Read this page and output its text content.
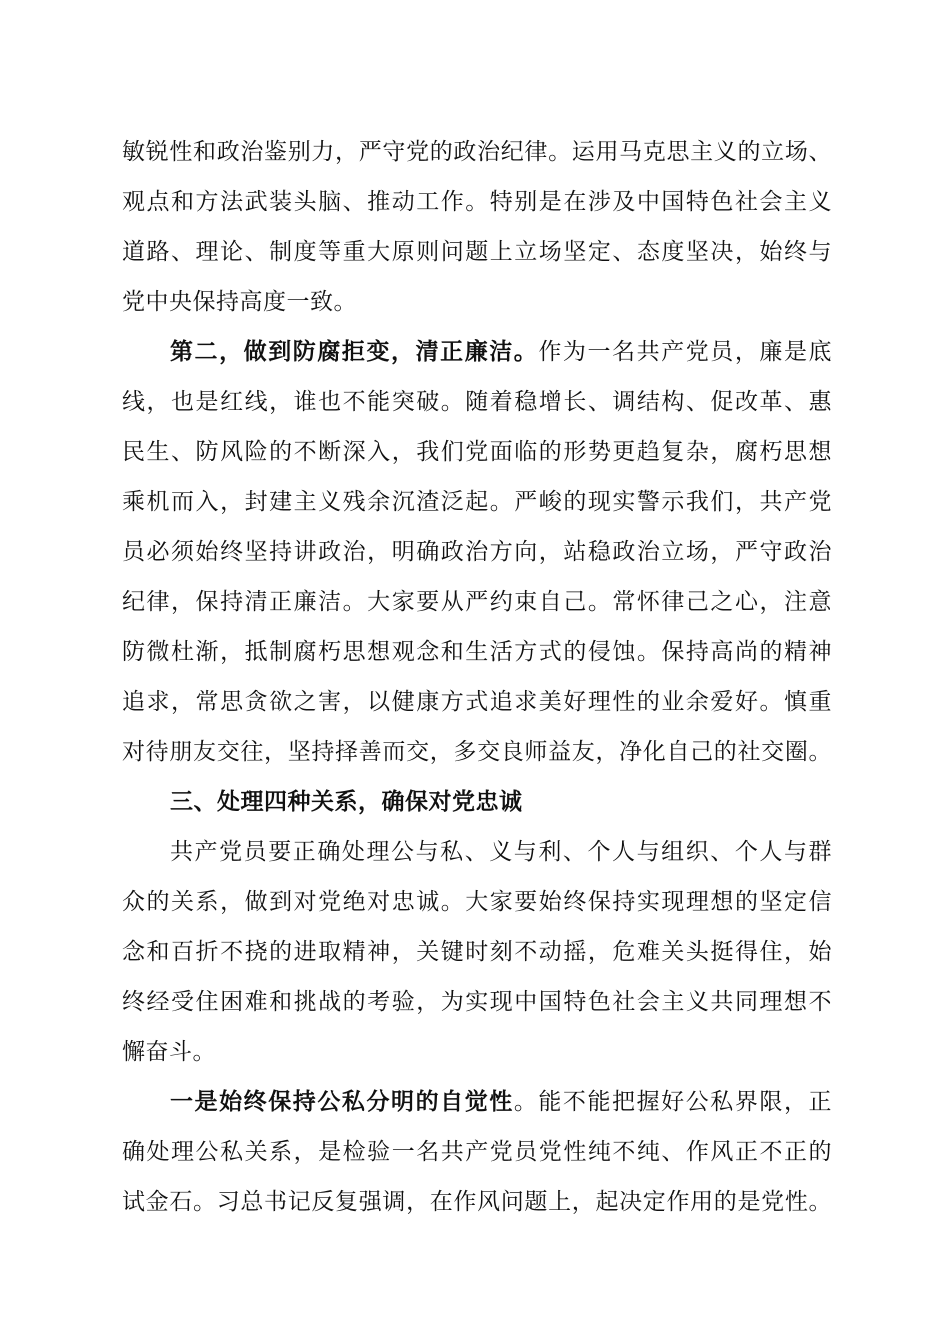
敏锐性和政治鉴别力，严守党的政治纪律。运用马克思主义的立场、
观点和方法武装头脑、推动工作。特别是在涉及中国特色社会主义
道路、理论、制度等重大原则问题上立场坚定、态度坚决，始终与
党中央保持高度一致。
第二，做到防腐拒变，清正廉洁。作为一名共产党员，廉是底
线，也是红线，谁也不能突破。随着稳增长、调结构、促改革、惠
民生、防风险的不断深入，我们党面临的形势更趋复杂，腐朽思想
乘机而入，封建主义残余沉渣泛起。严峻的现实警示我们，共产党
员必须始终坚持讲政治，明确政治方向，站稳政治立场，严守政治
纪律，保持清正廉洁。大家要从严约束自己。常怀律己之心，注意
防微杜渐，抵制腐朽思想观念和生活方式的侵蚀。保持高尚的精神
追求，常思贪欲之害，以健康方式追求美好理性的业余爱好。慎重
对待朋友交往，坚持择善而交，多交良师益友，净化自己的社交圈。
三、处理四种关系，确保对党忠诚
共产党员要正确处理公与私、义与利、个人与组织、个人与群
众的关系，做到对党绝对忠诚。大家要始终保持实现理想的坚定信
念和百折不挠的进取精神，关键时刻不动摇，危难关头挺得住，始
终经受住困难和挑战的考验，为实现中国特色社会主义共同理想不
懈奋斗。
一是始终保持公私分明的自觉性。能不能把握好公私界限，正
确处理公私关系，是检验一名共产党员党性纯不纯、作风正不正的
试金石。习总书记反复强调，在作风问题上，起决定作用的是党性。
